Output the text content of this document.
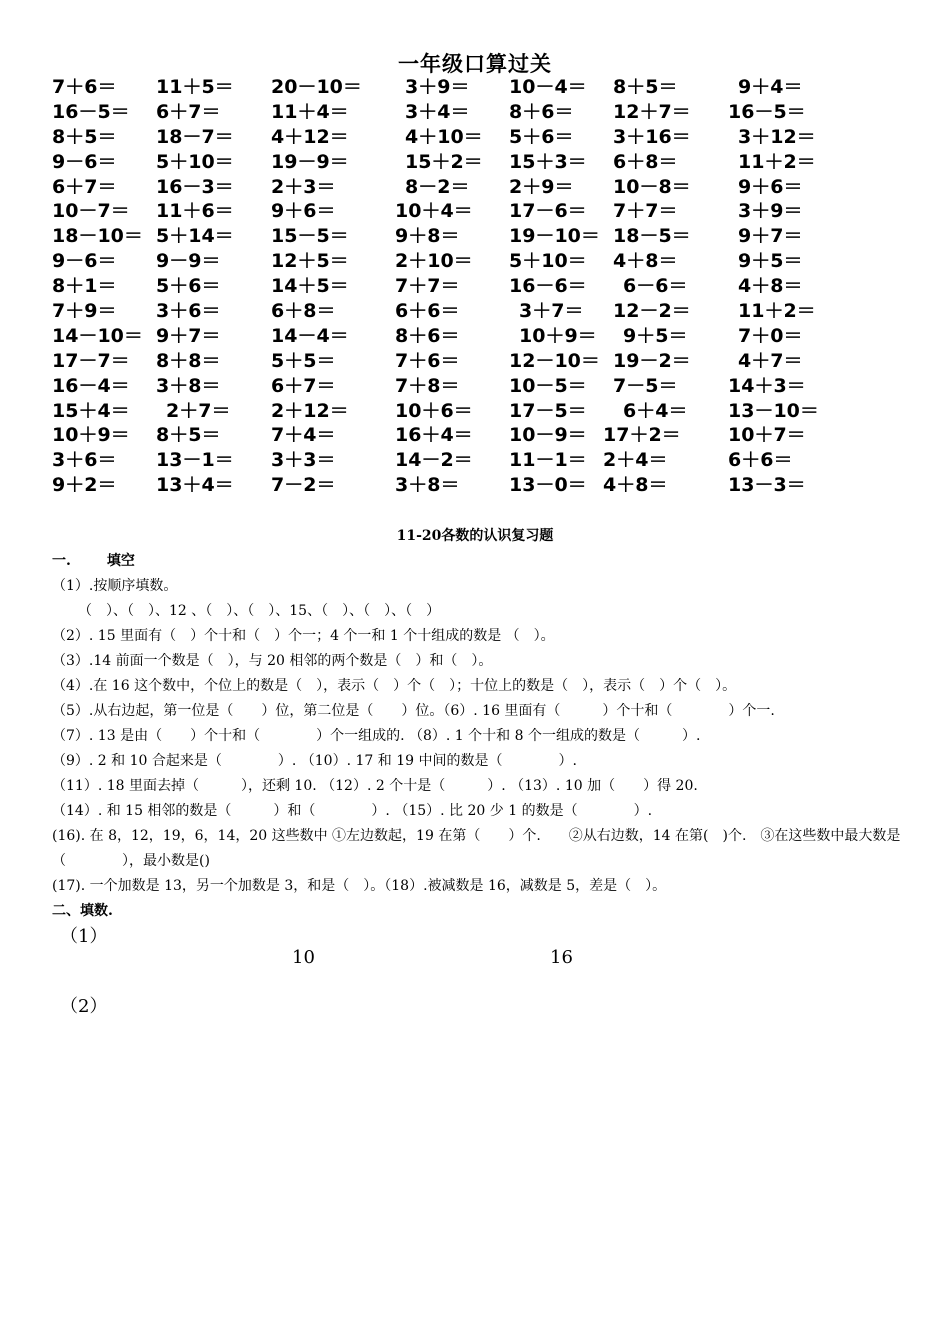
一年级口算过关
7＋6＝ 11＋5＝ 20－10＝ 3＋9＝ 10－4＝ 8＋5＝	9＋4＝
16－5＝ 6＋7＝	11＋4＝	3＋4＝ 8＋6＝ 12＋7＝ 16－5＝
8＋5＝ 18－7＝ 4＋12＝	4＋10＝ 5＋6＝ 3＋16＝ 3＋12＝
9－6＝ 5＋10＝ 19－9＝	15＋2＝ 15＋3＝ 6＋8＝	11＋2＝
6＋7＝ 16－3＝ 2＋3＝	8－2＝ 2＋9＝ 10－8＝ 9＋6＝
10－7＝ 11＋6＝ 9＋6＝	10＋4＝ 17－6＝ 7＋7＝	3＋9＝
18－10＝ 5＋14＝ 15－5＝ 9＋8＝	19－10＝ 18－5＝ 9＋7＝
9－6＝ 9－9＝	12＋5＝ 2＋10＝ 5＋10＝ 4＋8＝	9＋5＝
8＋1＝ 5＋6＝	14＋5＝ 7＋7＝	16－6＝ 6－6＝	4＋8＝
7＋9＝ 3＋6＝	6＋8＝	6＋6＝	3＋7＝ 12－2＝ 11＋2＝
14－10＝ 9＋7＝	14－4＝ 8＋6＝	10＋9＝ 9＋5＝	7＋0＝
17－7＝ 8＋8＝	5＋5＝	7＋6＝	12－10＝ 19－2＝ 4＋7＝
16－4＝ 3＋8＝	6＋7＝	7＋8＝	10－5＝ 7－5＝	14＋3＝
15＋4＝ 2＋7＝ 2＋12＝ 10＋6＝ 17－5＝ 6＋4＝ 13－10＝
10＋9＝ 8＋5＝	7＋4＝	16＋4＝ 10－9＝ 17＋2＝ 10＋7＝
3＋6＝ 13－1＝ 3＋3＝	14－2＝ 11－1＝ 2＋4＝	6＋6＝
9＋2＝ 13＋4＝ 7－2＝	3＋8＝	13－0＝ 4＋8＝	13－3＝
11-20各数的认识复习题
一.	填空
（1）.按顺序填数。
（　）、（　）、12 、（　）、（　）、15、（　）、（　）、（　）
（2）. 15 里面有（　）个十和（　）个一；4 个一和 1 个十组成的数是 （　）。
（3）.14 前面一个数是（　），与 20 相邻的两个数是（　）和（　）。
（4）.在 16 这个数中，个位上的数是（　），表示（　）个（　）；十位上的数是（　），表示（　）个（　）。
（5）.从右边起，第一位是（　　）位，第二位是（　　）位。（6）. 16 里面有（　　　）个十和（　　　　）个一.
（7）. 13 是由（　　）个十和（　　　　）个一组成的. （8）. 1 个十和 8 个一组成的数是（　　　）.
（9）. 2 和 10 合起来是（　　　　）. （10）. 17 和 19 中间的数是（　　　　）.
（11）. 18 里面去掉（　　　），还剩 10. （12）. 2 个十是（　　　）. （13）. 10 加（　　）得 20.
（14）. 和 15 相邻的数是（　　　）和（　　　　）. （15）. 比 20 少 1 的数是（　　　　）.
(16). 在 8，12，19，6，14，20 这些数中 ①左边数起，19 在第（　　）个.　　②从右边数，14 在第(　)个.　③在这些数中最大数是（　　　　），最小数是()
(17). 一个加数是 13，另一个加数是 3，和是（　）。（18）.被减数是 16，减数是 5，差是（　）。
二、填数.
（1）
10	16
（2）
